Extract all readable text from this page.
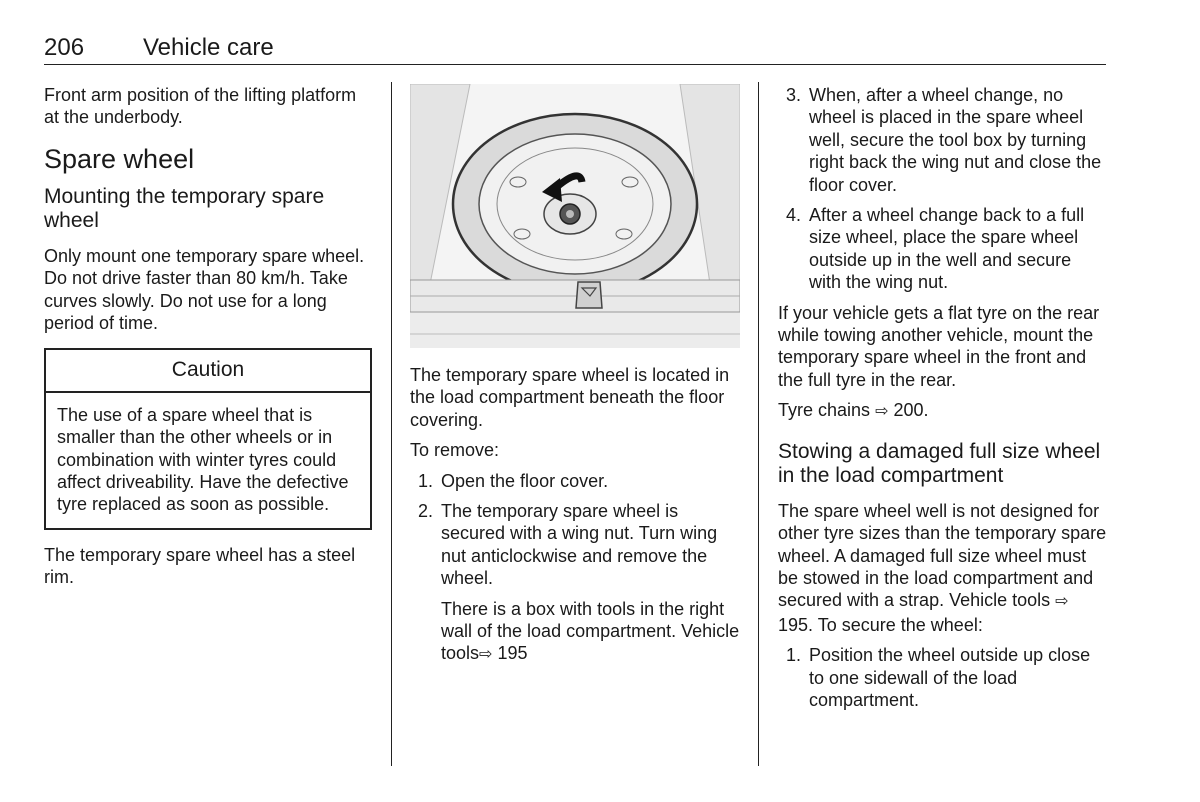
206 Vehicle care

Front arm position of the lifting platform at the underbody.

Spare wheel
Mounting the temporary spare wheel

Only mount one temporary spare wheel. Do not drive faster than 80 km/h. Take curves slowly. Do not use for a long period of time.

Caution
The use of a spare wheel that is smaller than the other wheels or in combination with winter tyres could affect driveability. Have the defective tyre replaced as soon as possible.

The temporary spare wheel has a steel rim.

The temporary spare wheel is located in the load compartment beneath the floor covering.

To remove:

1. Open the floor cover.
2. The temporary spare wheel is secured with a wing nut. Turn wing nut anticlockwise and remove the wheel.
There is a box with tools in the right wall of the load compartment. Vehicle tools⇨ 195
3. When, after a wheel change, no wheel is placed in the spare wheel well, secure the tool box by turning right back the wing nut and close the floor cover.
4. After a wheel change back to a full size wheel, place the spare wheel outside up in the well and secure with the wing nut.

If your vehicle gets a flat tyre on the rear while towing another vehicle, mount the temporary spare wheel in the front and the full tyre in the rear.

Tyre chains ⇨ 200.

Stowing a damaged full size wheel in the load compartment

The spare wheel well is not designed for other tyre sizes than the temporary spare wheel. A damaged full size wheel must be stowed in the load compartment and secured with a strap. Vehicle tools ⇨ 195. To secure the wheel:

1. Position the wheel outside up close to one sidewall of the load compartment.
